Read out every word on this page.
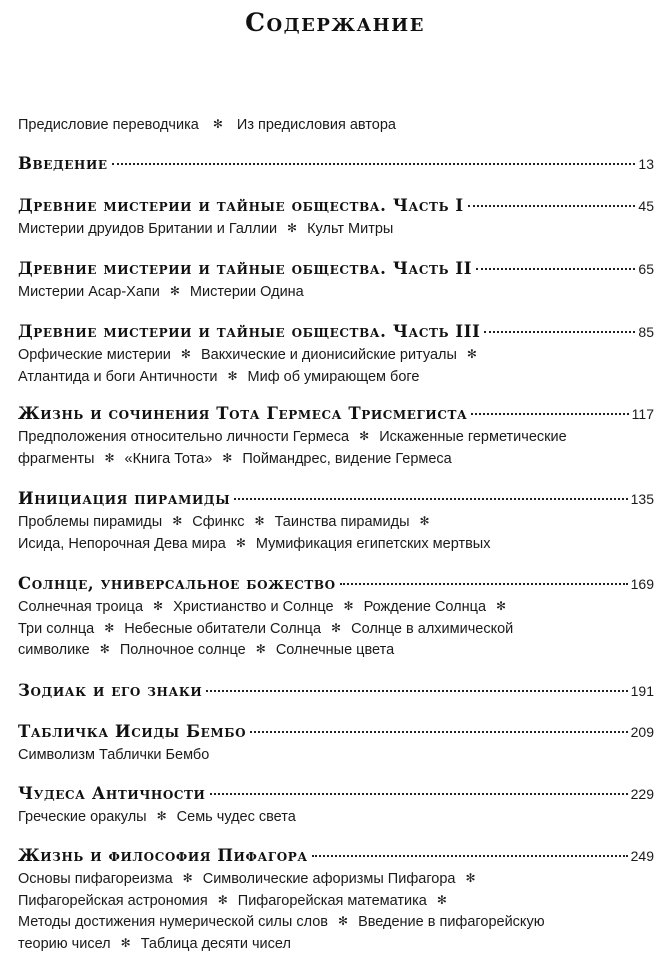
Содержание
Предисловие переводчика ✻ Из предисловия автора
Введение	13
Древние мистерии и тайные общества. Часть I	45
Мистерии друидов Британии и Галлии ✻ Культ Митры
Древние мистерии и тайные общества. Часть II	65
Мистерии Асар-Хапи ✻ Мистерии Одина
Древние мистерии и тайные общества. Часть III	85
Орфические мистерии ✻ Вакхические и дионисийские ритуалы ✻
Атлантида и боги Античности ✻ Миф об умирающем боге
Жизнь и сочинения Тота Гермеса Трисмегиста	117
Предположения относительно личности Гермеса ✻ Искаженные герметические
фрагменты ✻ «Книга Тота» ✻ Поймандрес, видение Гермеса
Инициация пирамиды	135
Проблемы пирамиды ✻ Сфинкс ✻ Таинства пирамиды ✻
Исида, Непорочная Дева мира ✻ Мумификация египетских мертвых
Солнце, универсальное божество	169
Солнечная троица ✻ Христианство и Солнце ✻ Рождение Солнца ✻
Три солнца ✻ Небесные обитатели Солнца ✻ Солнце в алхимической
символике ✻ Полночное солнце ✻ Солнечные цвета
Зодиак и его знаки	191
Табличка Исиды Бембо	209
Символизм Таблички Бембо
Чудеса Античности	229
Греческие оракулы ✻ Семь чудес света
Жизнь и философия Пифагора	249
Основы пифагореизма ✻ Символические афоризмы Пифагора ✻
Пифагорейская астрономия ✻ Пифагорейская математика ✻
Методы достижения нумерической силы слов ✻ Введение в пифагорейскую
теорию чисел ✻ Таблица десяти чисел
